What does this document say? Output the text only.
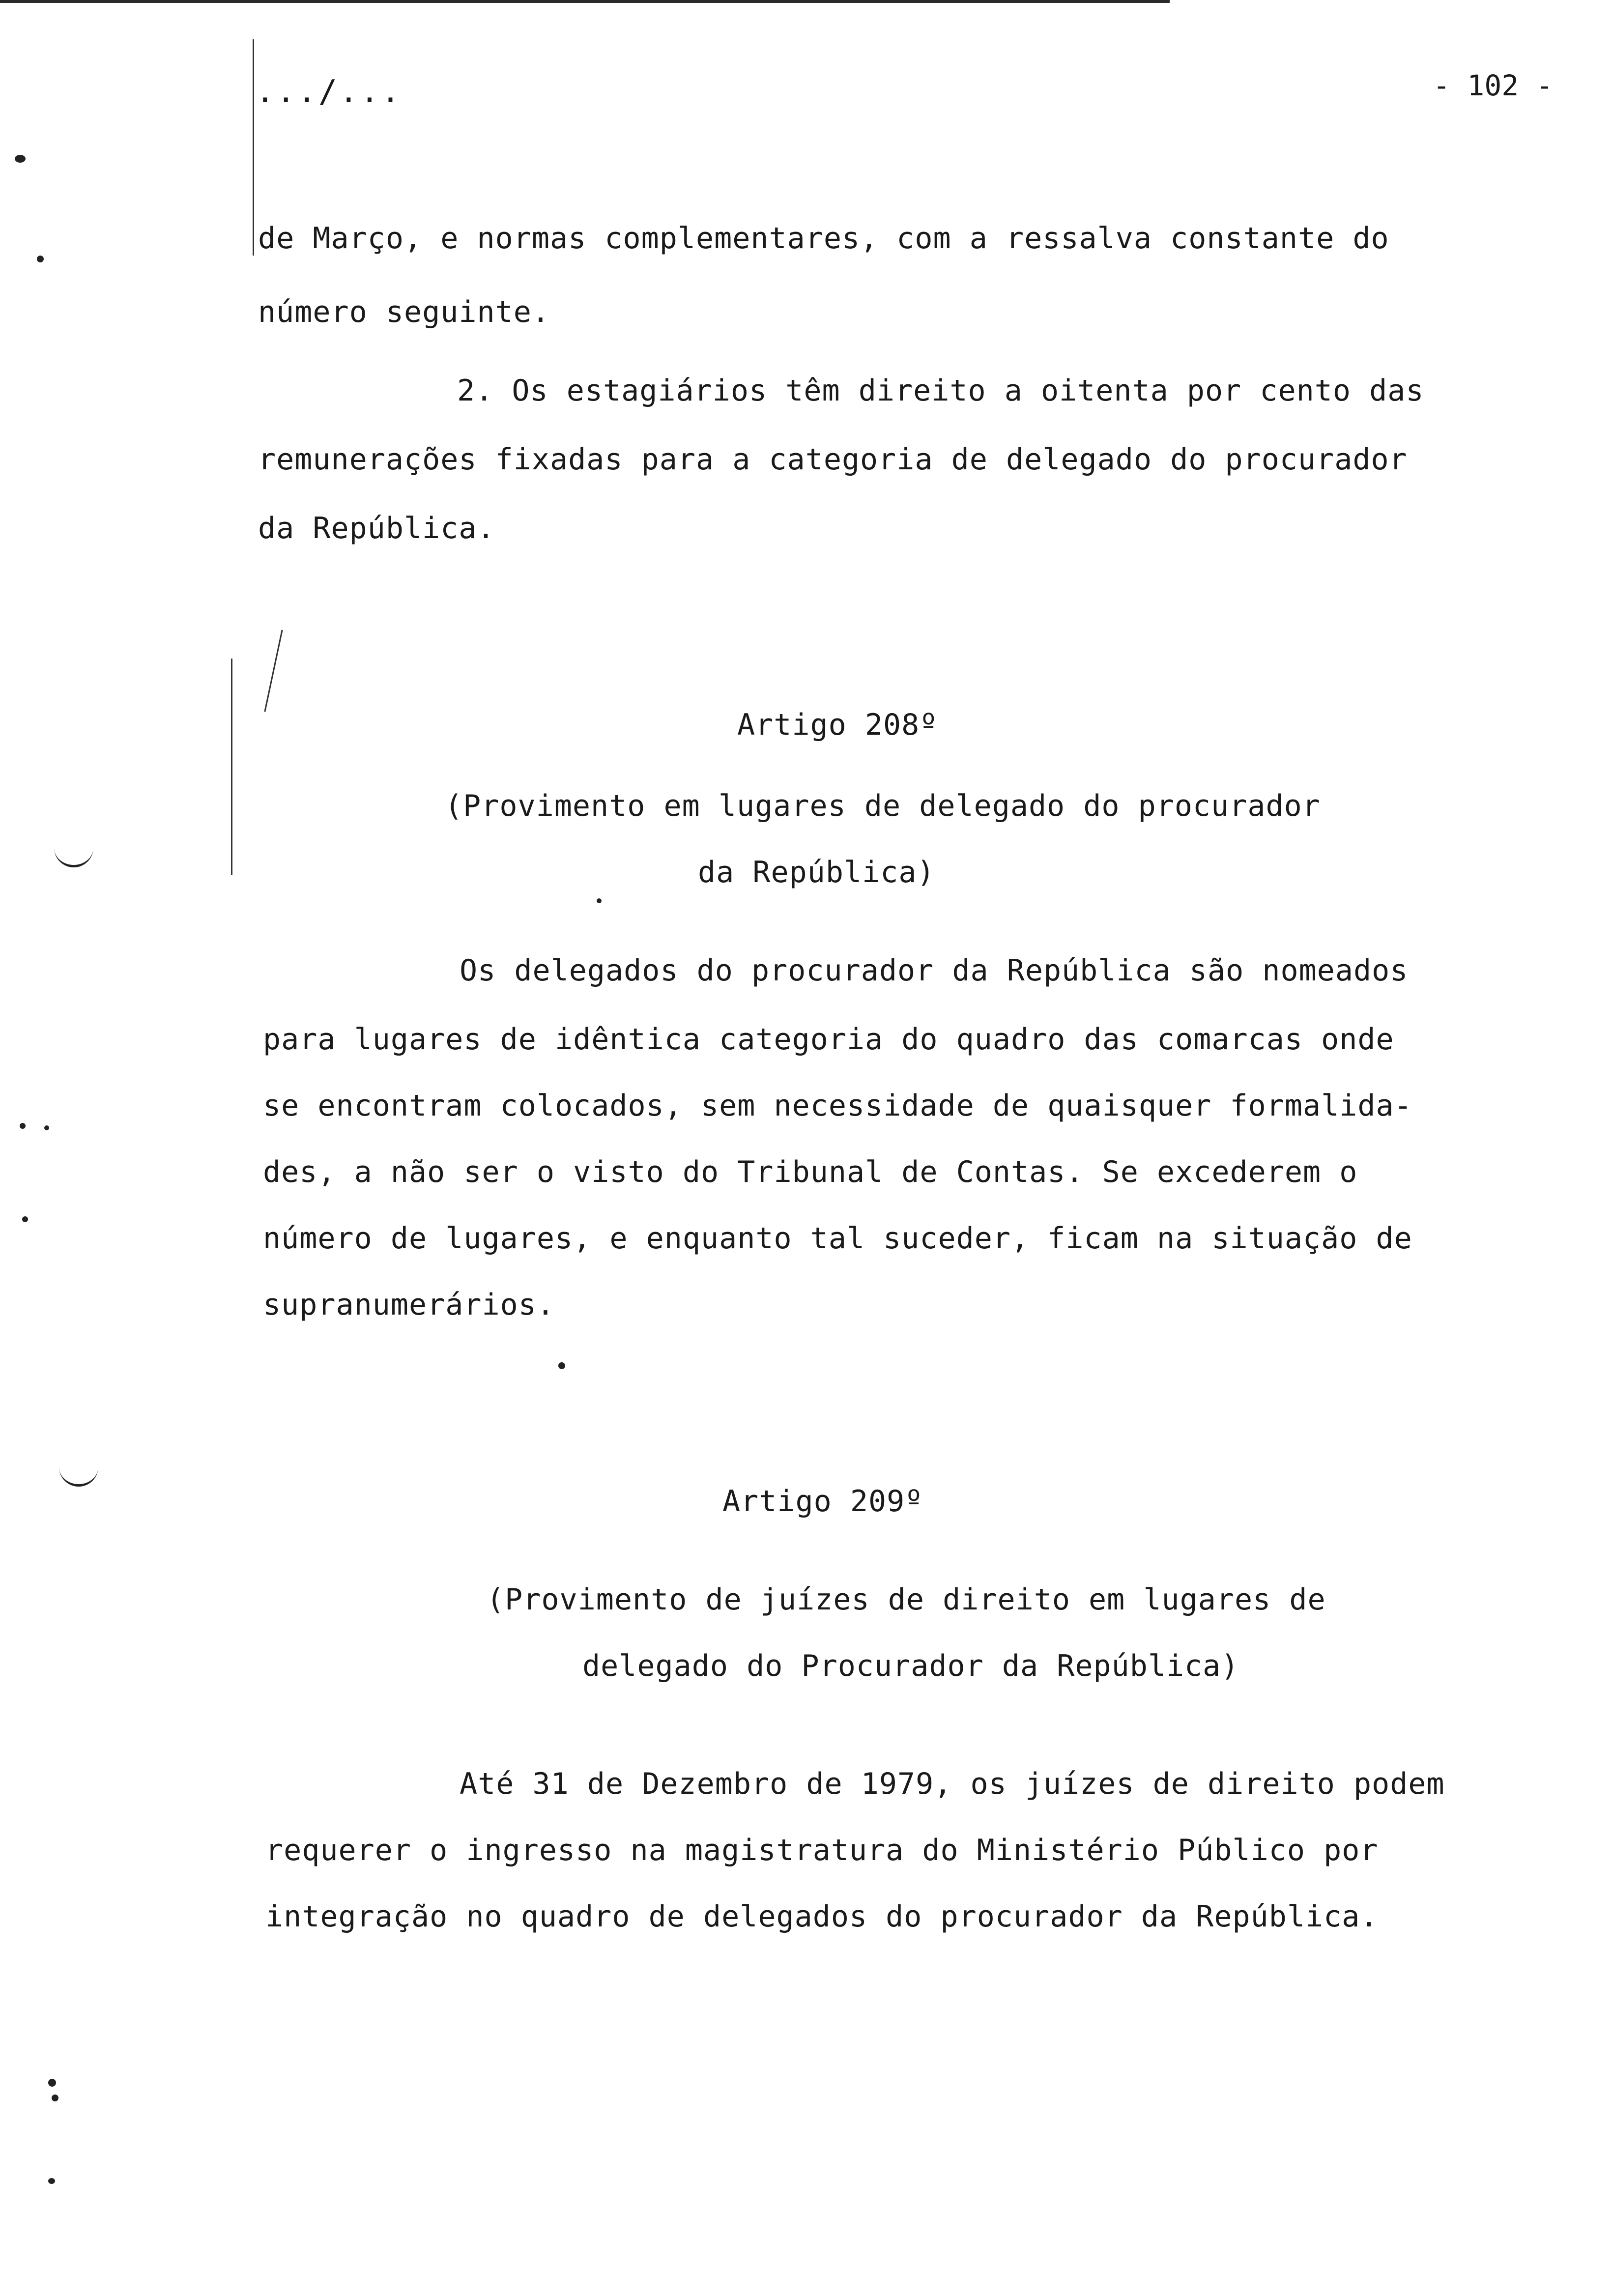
.../...	- 102 -
de Março, e normas complementares, com a ressalva constante do
número seguinte.
2. Os estagiários têm direito a oitenta por cento das
remunerações fixadas para a categoria de delegado do procurador
da República.
Artigo 208º
(Provimento em lugares de delegado do procurador
da República)
Os delegados do procurador da República são nomeados
para lugares de idêntica categoria do quadro das comarcas onde
se encontram colocados, sem necessidade de quaisquer formalida-
des, a não ser o visto do Tribunal de Contas. Se excederem o
número de lugares, e enquanto tal suceder, ficam na situação de
supranumerários.
Artigo 209º
(Provimento de juízes de direito em lugares de
delegado do Procurador da República)
Até 31 de Dezembro de 1979, os juízes de direito podem
requerer o ingresso na magistratura do Ministério Público por
integração no quadro de delegados do procurador da República.
